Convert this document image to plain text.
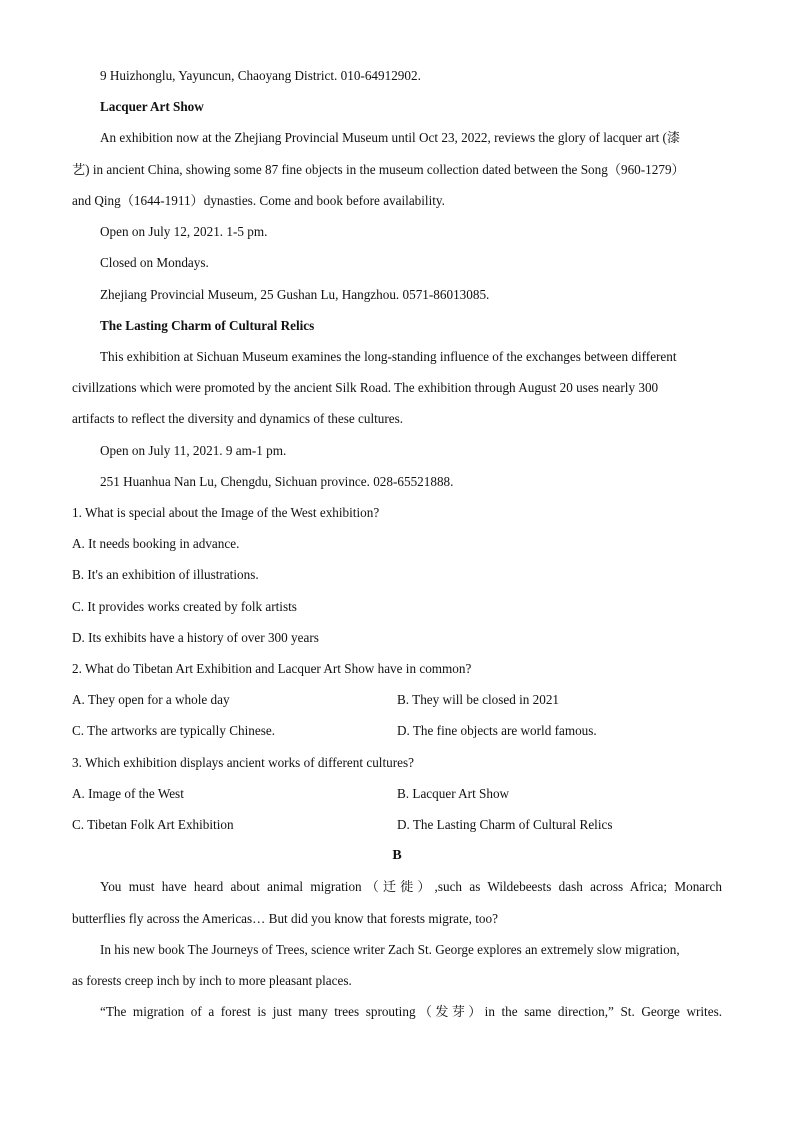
9 Huizhonglu, Yayuncun, Chaoyang District. 010-64912902.
Lacquer Art Show
An exhibition now at the Zhejiang Provincial Museum until Oct 23, 2022, reviews the glory of lacquer art (漆
艺) in ancient China, showing some 87 fine objects in the museum collection dated between the Song（960-1279）
and Qing（1644-1911）dynasties. Come and book before availability.
Open on July 12, 2021. 1-5 pm.
Closed on Mondays.
Zhejiang Provincial Museum, 25 Gushan Lu, Hangzhou. 0571-86013085.
The Lasting Charm of Cultural Relics
This exhibition at Sichuan Museum examines the long-standing influence of the exchanges between different
civillzations which were promoted by the ancient Silk Road. The exhibition through August 20 uses nearly 300
artifacts to reflect the diversity and dynamics of these cultures.
Open on July 11, 2021. 9 am-1 pm.
251 Huanhua Nan Lu, Chengdu, Sichuan province. 028-65521888.
1. What is special about the Image of the West exhibition?
A. It needs booking in advance.
B. It's an exhibition of illustrations.
C. It provides works created by folk artists
D. Its exhibits have a history of over 300 years
2. What do Tibetan Art Exhibition and Lacquer Art Show have in common?
A. They open for a whole day	B. They will be closed in 2021
C. The artworks are typically Chinese.	D. The fine objects are world famous.
3. Which exhibition displays ancient works of different cultures?
A. Image of the West	B. Lacquer Art Show
C. Tibetan Folk Art Exhibition	D. The Lasting Charm of Cultural Relics
B
You must have heard about animal migration（迁徙）,such as Wildebeests dash across Africa; Monarch
butterflies fly across the Americas… But did you know that forests migrate, too?
In his new book The Journeys of Trees, science writer Zach St. George explores an extremely slow migration,
as forests creep inch by inch to more pleasant places.
“The migration of a forest is just many trees sprouting（发芽）in the same direction,” St. George writes.
